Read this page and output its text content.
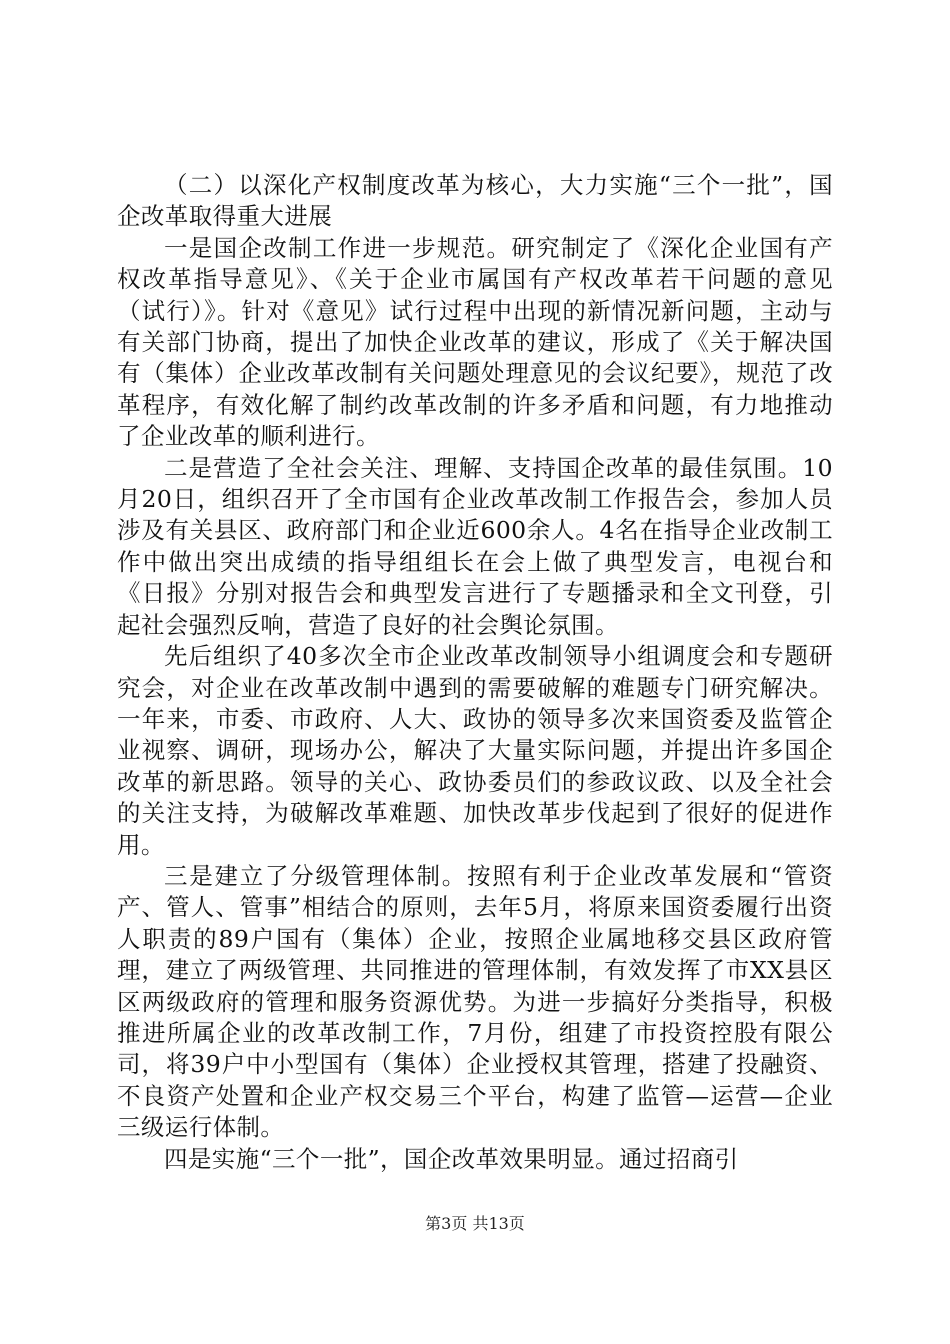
（二）以深化产权制度改革为核心，大力实施“三个一批”，国企改革取得重大进展

一是国企改制工作进一步规范。研究制定了《深化企业国有产权改革指导意见》、《关于企业市属国有产权改革若干问题的意见（试行）》。针对《意见》试行过程中出现的新情况新问题，主动与有关部门协商，提出了加快企业改革的建议，形成了《关于解决国有（集体）企业改革改制有关问题处理意见的会议纪要》，规范了改革程序，有效化解了制约改革改制的许多矛盾和问题，有力地推动了企业改革的顺利进行。

二是营造了全社会关注、理解、支持国企改革的最佳氛围。10月20日，组织召开了全市国有企业改革改制工作报告会，参加人员涉及有关县区、政府部门和企业近600余人。4名在指导企业改制工作中做出突出成绩的指导组组长在会上做了典型发言，电视台和《日报》分别对报告会和典型发言进行了专题播录和全文刊登，引起社会强烈反响，营造了良好的社会舆论氛围。

先后组织了40多次全市企业改革改制领导小组调度会和专题研究会，对企业在改革改制中遇到的需要破解的难题专门研究解决。一年来，市委、市政府、人大、政协的领导多次来国资委及监管企业视察、调研，现场办公，解决了大量实际问题，并提出许多国企改革的新思路。领导的关心、政协委员们的参政议政、以及全社会的关注支持，为破解改革难题、加快改革步伐起到了很好的促进作用。

三是建立了分级管理体制。按照有利于企业改革发展和“管资产、管人、管事”相结合的原则，去年5月，将原来国资委履行出资人职责的89户国有（集体）企业，按照企业属地移交县区政府管理，建立了两级管理、共同推进的管理体制，有效发挥了市XX县区区两级政府的管理和服务资源优势。为进一步搞好分类指导，积极推进所属企业的改革改制工作，7月份，组建了市投资控股有限公司，将39户中小型国有（集体）企业授权其管理，搭建了投融资、不良资产处置和企业产权交易三个平台，构建了监管—运营—企业三级运行体制。

四是实施“三个一批”，国企改革效果明显。通过招商引

第3页 共13页
